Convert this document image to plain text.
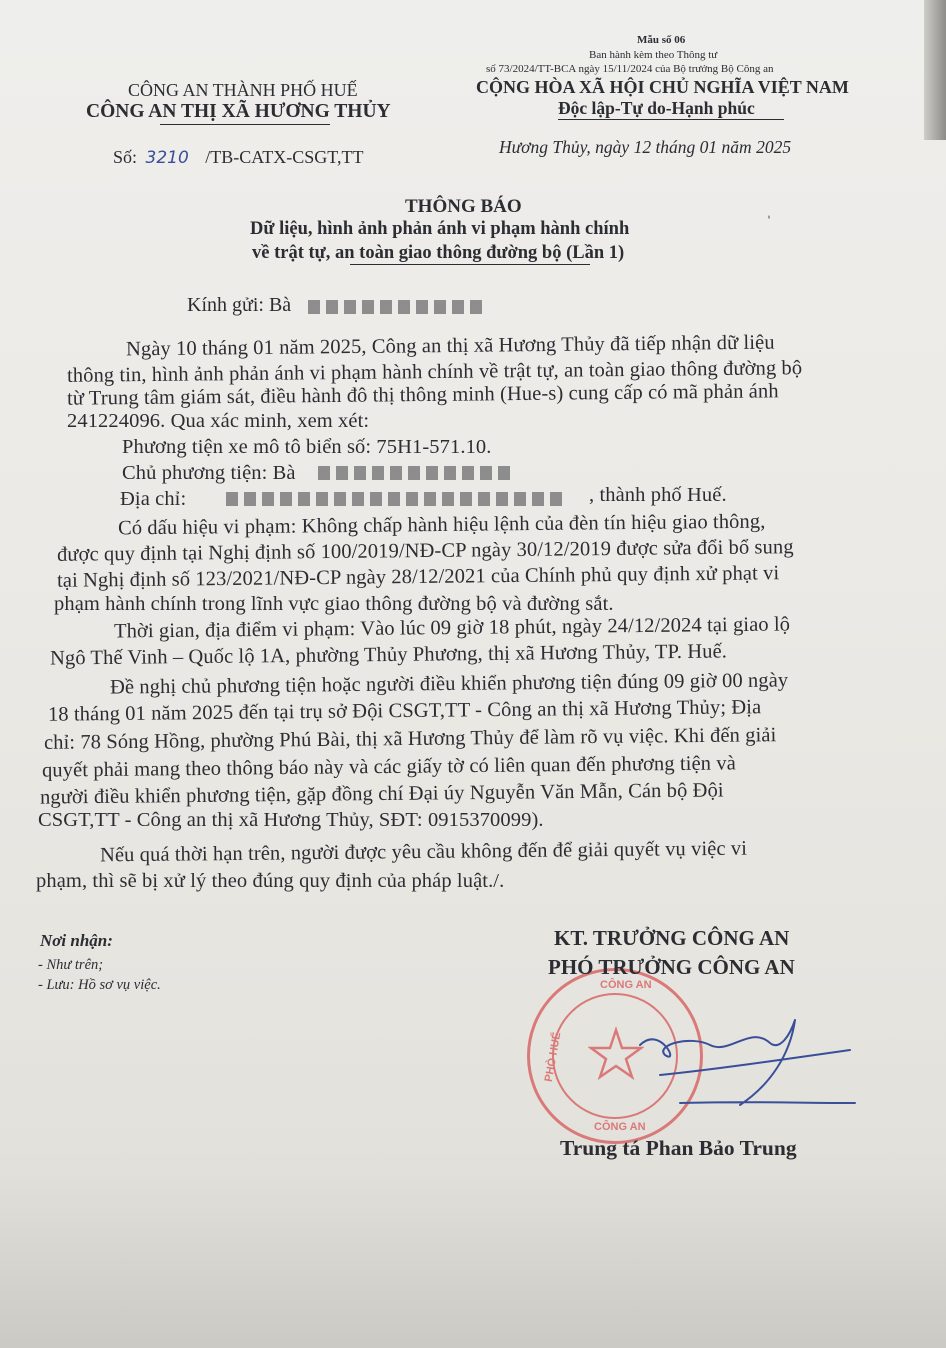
Mẫu số 06
Ban hành kèm theo Thông tư
số 73/2024/TT-BCA ngày 15/11/2024 của Bộ trưởng Bộ Công an
CÔNG AN THÀNH PHỐ HUẾ
CÔNG AN THỊ XÃ HƯƠNG THỦY
CỘNG HÒA XÃ HỘI CHỦ NGHĨA VIỆT NAM
Độc lập-Tự do-Hạnh phúc
Số: 3210 /TB-CATX-CSGT,TT	Hương Thủy, ngày 12 tháng 01 năm 2025
THÔNG BÁO
Dữ liệu, hình ảnh phản ánh vi phạm hành chính
về trật tự, an toàn giao thông đường bộ (Lần 1)
ˈ
Kính gửi: Bà
Ngày 10 tháng 01 năm 2025, Công an thị xã Hương Thủy đã tiếp nhận dữ liệu
thông tin, hình ảnh phản ánh vi phạm hành chính về trật tự, an toàn giao thông đường bộ
từ Trung tâm giám sát, điều hành đô thị thông minh (Hue-s) cung cấp có mã phản ánh
241224096. Qua xác minh, xem xét:
Phương tiện xe mô tô biển số: 75H1-571.10.
Chủ phương tiện: Bà
Địa chỉ:	, thành phố Huế.
Có dấu hiệu vi phạm: Không chấp hành hiệu lệnh của đèn tín hiệu giao thông,
được quy định tại Nghị định số 100/2019/NĐ-CP ngày 30/12/2019 được sửa đổi bổ sung
tại Nghị định số 123/2021/NĐ-CP ngày 28/12/2021 của Chính phủ quy định xử phạt vi
phạm hành chính trong lĩnh vực giao thông đường bộ và đường sắt.
Thời gian, địa điểm vi phạm: Vào lúc 09 giờ 18 phút, ngày 24/12/2024 tại giao lộ
Ngô Thế Vinh – Quốc lộ 1A, phường Thủy Phương, thị xã Hương Thủy, TP. Huế.
Đề nghị chủ phương tiện hoặc người điều khiển phương tiện đúng 09 giờ 00 ngày
18 tháng 01 năm 2025 đến tại trụ sở Đội CSGT,TT - Công an thị xã Hương Thủy; Địa
chỉ: 78 Sóng Hồng, phường Phú Bài, thị xã Hương Thủy để làm rõ vụ việc. Khi đến giải
quyết phải mang theo thông báo này và các giấy tờ có liên quan đến phương tiện và
người điều khiển phương tiện, gặp đồng chí Đại úy Nguyễn Văn Mẫn, Cán bộ Đội
CSGT,TT - Công an thị xã Hương Thủy, SĐT: 0915370099).
Nếu quá thời hạn trên, người được yêu cầu không đến để giải quyết vụ việc vi
phạm, thì sẽ bị xử lý theo đúng quy định của pháp luật./.
Nơi nhận:
- Như trên;
- Lưu: Hồ sơ vụ việc.	CÔNG AN
CÔNG AN
PHÒ HUẾ
KT. TRƯỞNG CÔNG AN
PHÓ TRƯỞNG CÔNG AN
Trung tá Phan Bảo Trung
